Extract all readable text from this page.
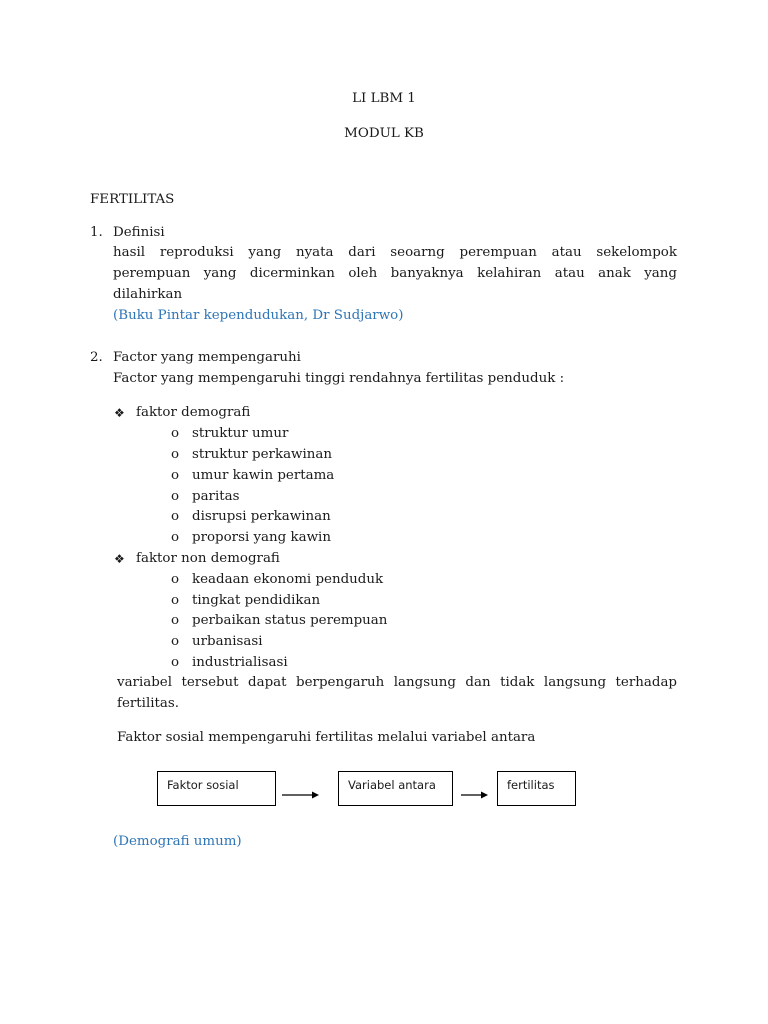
LI LBM 1
MODUL KB
FERTILITAS
1. Definisi
hasil reproduksi yang nyata dari seoarng perempuan atau sekelompok
perempuan yang dicerminkan oleh banyaknya kelahiran atau anak yang
dilahirkan
(Buku Pintar kependudukan, Dr Sudjarwo)
2. Factor yang mempengaruhi
Factor yang mempengaruhi tinggi rendahnya fertilitas penduduk :
❖ faktor demografi
o struktur umur
o struktur perkawinan
o umur kawin pertama
o paritas
o disrupsi perkawinan
o proporsi yang kawin
❖ faktor non demografi
o keadaan ekonomi penduduk
o tingkat pendidikan
o perbaikan status perempuan
o urbanisasi
o industrialisasi
variabel tersebut dapat berpengaruh langsung dan tidak langsung terhadap
fertilitas.
Faktor sosial mempengaruhi fertilitas melalui variabel antara
Faktor sosial	Variabel antara	fertilitas
(Demografi umum)
